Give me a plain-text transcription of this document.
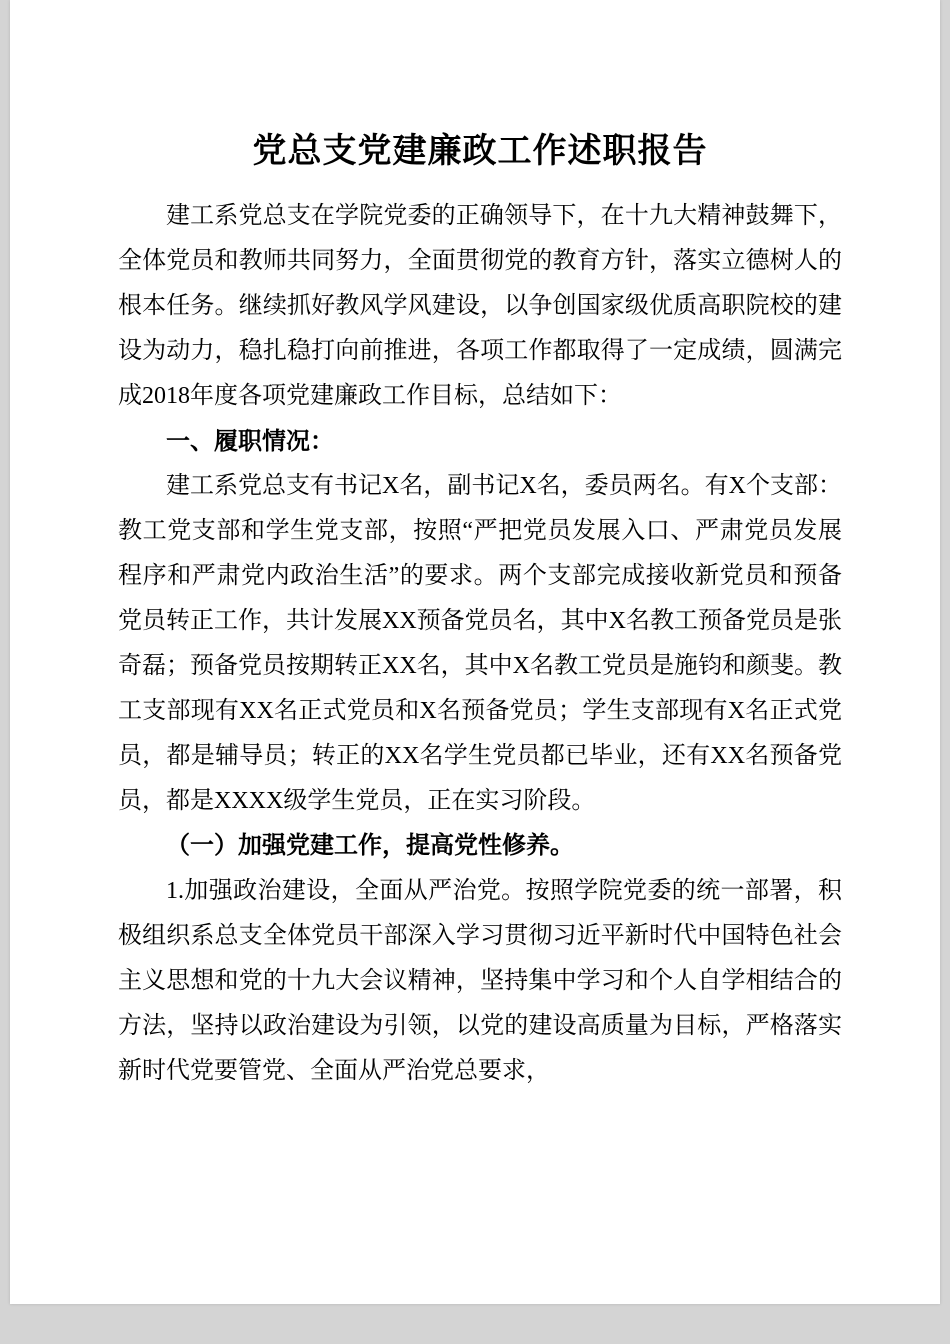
党总支党建廉政工作述职报告

建工系党总支在学院党委的正确领导下，在十九大精神鼓舞下，全体党员和教师共同努力，全面贯彻党的教育方针，落实立德树人的根本任务。继续抓好教风学风建设，以争创国家级优质高职院校的建设为动力，稳扎稳打向前推进，各项工作都取得了一定成绩，圆满完成2018年度各项党建廉政工作目标，总结如下：

一、履职情况：

建工系党总支有书记X名，副书记X名，委员两名。有X个支部：教工党支部和学生党支部，按照“严把党员发展入口、严肃党员发展程序和严肃党内政治生活”的要求。两个支部完成接收新党员和预备党员转正工作，共计发展XX预备党员名，其中X名教工预备党员是张奇磊；预备党员按期转正XX名，其中X名教工党员是施钧和颜斐。教工支部现有XX名正式党员和X名预备党员；学生支部现有X名正式党员，都是辅导员；转正的XX名学生党员都已毕业，还有XX名预备党员，都是XXXX级学生党员，正在实习阶段。

（一）加强党建工作，提高党性修养。

1.加强政治建设，全面从严治党。按照学院党委的统一部署，积极组织系总支全体党员干部深入学习贯彻习近平新时代中国特色社会主义思想和党的十九大会议精神，坚持集中学习和个人自学相结合的方法，坚持以政治建设为引领，以党的建设高质量为目标，严格落实新时代党要管党、全面从严治党总要求，
